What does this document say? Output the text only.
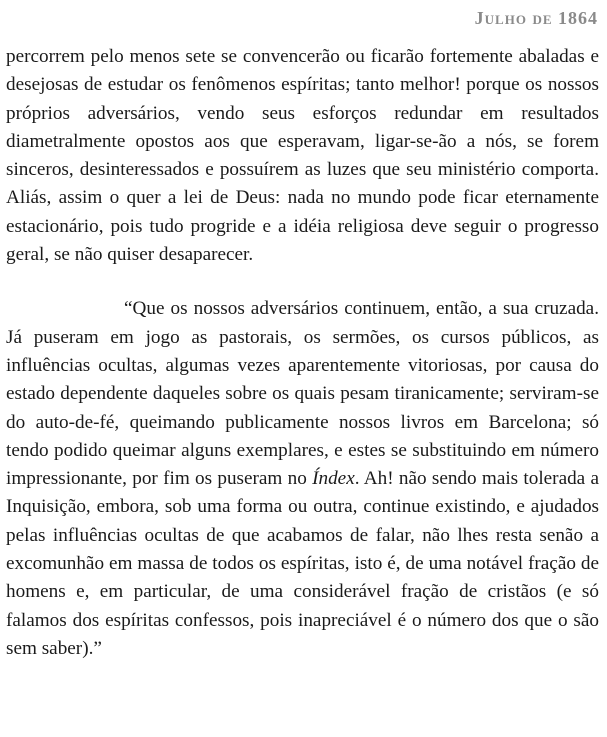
Julho de 1864

percorrem pelo menos sete se convencerão ou ficarão fortemente abaladas e desejosas de estudar os fenômenos espíritas; tanto melhor! porque os nossos próprios adversários, vendo seus esforços redundar em resultados diametralmente opostos aos que esperavam, ligar-se-ão a nós, se forem sinceros, desinteressados e possuírem as luzes que seu ministério comporta. Aliás, assim o quer a lei de Deus: nada no mundo pode ficar eternamente estacionário, pois tudo progride e a idéia religiosa deve seguir o progresso geral, se não quiser desaparecer.

“Que os nossos adversários continuem, então, a sua cruzada. Já puseram em jogo as pastorais, os sermões, os cursos públicos, as influências ocultas, algumas vezes aparentemente vitoriosas, por causa do estado dependente daqueles sobre os quais pesam tiranicamente; serviram-se do auto-de-fé, queimando publicamente nossos livros em Barcelona; só tendo podido queimar alguns exemplares, e estes se substituindo em número impressionante, por fim os puseram no Índex. Ah! não sendo mais tolerada a Inquisição, embora, sob uma forma ou outra, continue existindo, e ajudados pelas influências ocultas de que acabamos de falar, não lhes resta senão a excomunhão em massa de todos os espíritas, isto é, de uma notável fração de homens e, em particular, de uma considerável fração de cristãos (e só falamos dos espíritas confessos, pois inapreciável é o número dos que o são sem saber).”
